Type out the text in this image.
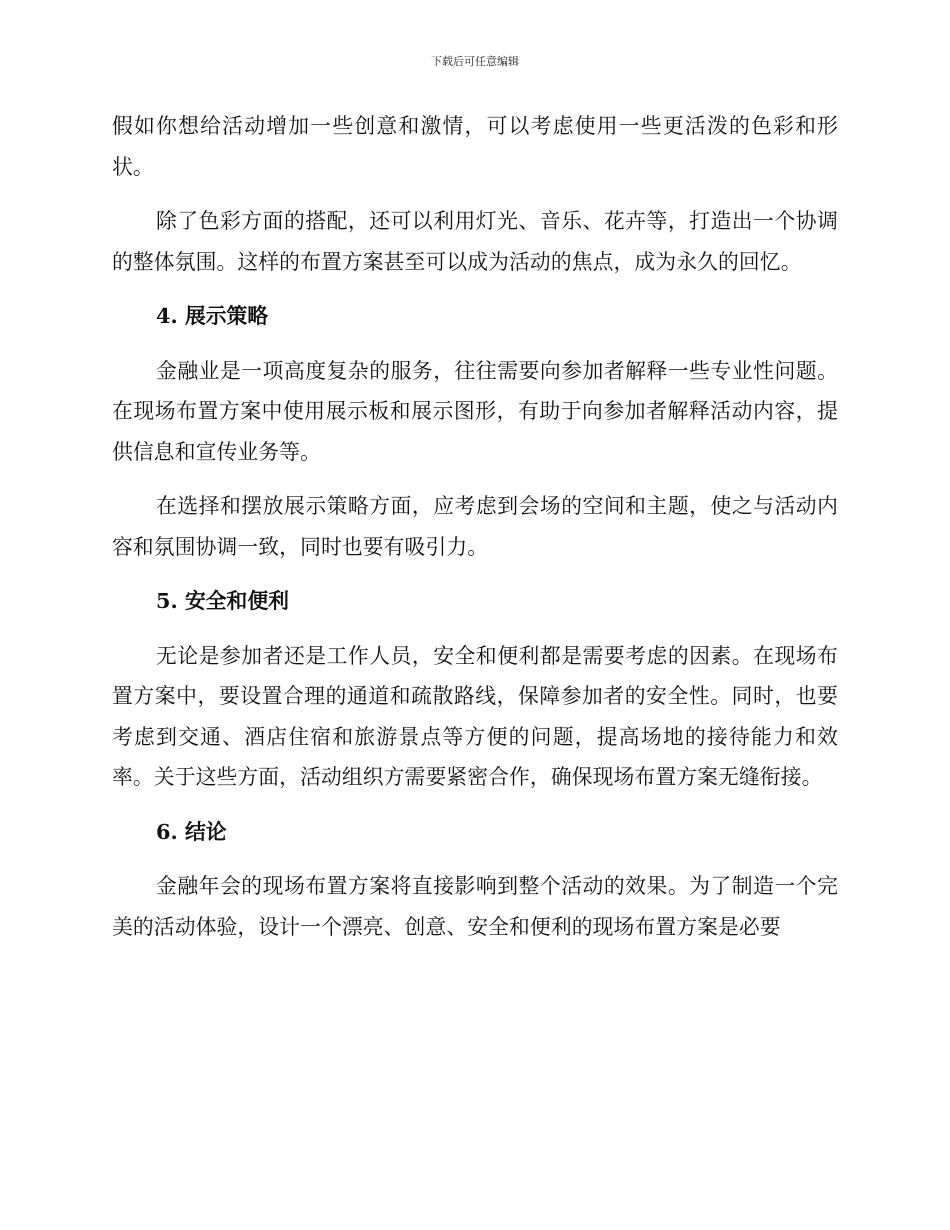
下载后可任意编辑

假如你想给活动增加一些创意和激情，可以考虑使用一些更活泼的色彩和形状。

除了色彩方面的搭配，还可以利用灯光、音乐、花卉等，打造出一个协调的整体氛围。这样的布置方案甚至可以成为活动的焦点，成为永久的回忆。

4. 展示策略

金融业是一项高度复杂的服务，往往需要向参加者解释一些专业性问题。在现场布置方案中使用展示板和展示图形，有助于向参加者解释活动内容，提供信息和宣传业务等。

在选择和摆放展示策略方面，应考虑到会场的空间和主题，使之与活动内容和氛围协调一致，同时也要有吸引力。

5. 安全和便利

无论是参加者还是工作人员，安全和便利都是需要考虑的因素。在现场布置方案中，要设置合理的通道和疏散路线，保障参加者的安全性。同时，也要考虑到交通、酒店住宿和旅游景点等方便的问题，提高场地的接待能力和效率。关于这些方面，活动组织方需要紧密合作，确保现场布置方案无缝衔接。

6. 结论

金融年会的现场布置方案将直接影响到整个活动的效果。为了制造一个完美的活动体验，设计一个漂亮、创意、安全和便利的现场布置方案是必要
